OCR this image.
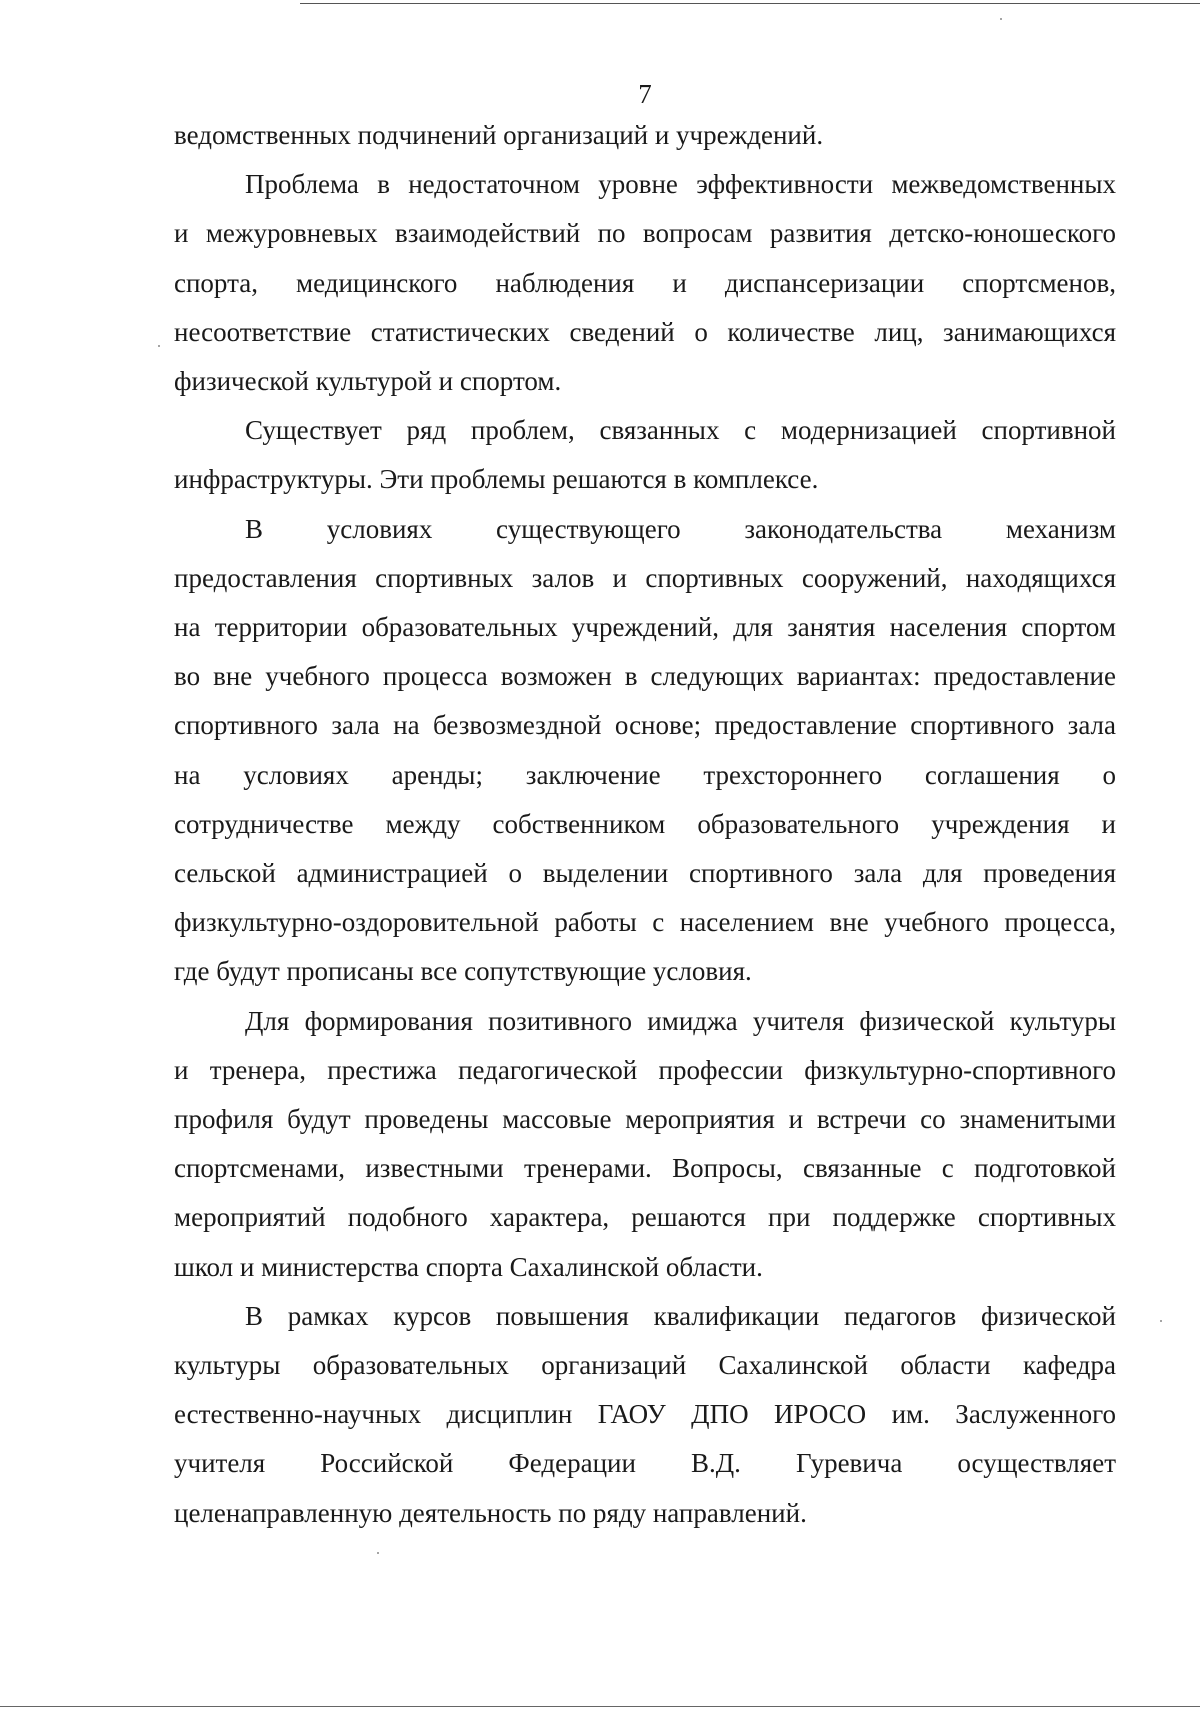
7
ведомственных подчинений организаций и учреждений.
Проблема в недостаточном уровне эффективности межведомственных
и межуровневых взаимодействий по вопросам развития детско-юношеского
спорта, медицинского наблюдения и диспансеризации спортсменов,
несоответствие статистических сведений о количестве лиц, занимающихся
физической культурой и спортом.
Существует ряд проблем, связанных с модернизацией спортивной
инфраструктуры. Эти проблемы решаются в комплексе.
В условиях существующего законодательства механизм
предоставления спортивных залов и спортивных сооружений, находящихся
на территории образовательных учреждений, для занятия населения спортом
во вне учебного процесса возможен в следующих вариантах: предоставление
спортивного зала на безвозмездной основе; предоставление спортивного зала
на условиях аренды; заключение трехстороннего соглашения о
сотрудничестве между собственником образовательного учреждения и
сельской администрацией о выделении спортивного зала для проведения
физкультурно-оздоровительной работы с населением вне учебного процесса,
где будут прописаны все сопутствующие условия.
Для формирования позитивного имиджа учителя физической культуры
и тренера, престижа педагогической профессии физкультурно-спортивного
профиля будут проведены массовые мероприятия и встречи со знаменитыми
спортсменами, известными тренерами. Вопросы, связанные с подготовкой
мероприятий подобного характера, решаются при поддержке спортивных
школ и министерства спорта Сахалинской области.
В рамках курсов повышения квалификации педагогов физической
культуры образовательных организаций Сахалинской области кафедра
естественно-научных дисциплин ГАОУ ДПО ИРОСО им. Заслуженного
учителя Российской Федерации В.Д. Гуревича осуществляет
целенаправленную деятельность по ряду направлений.
